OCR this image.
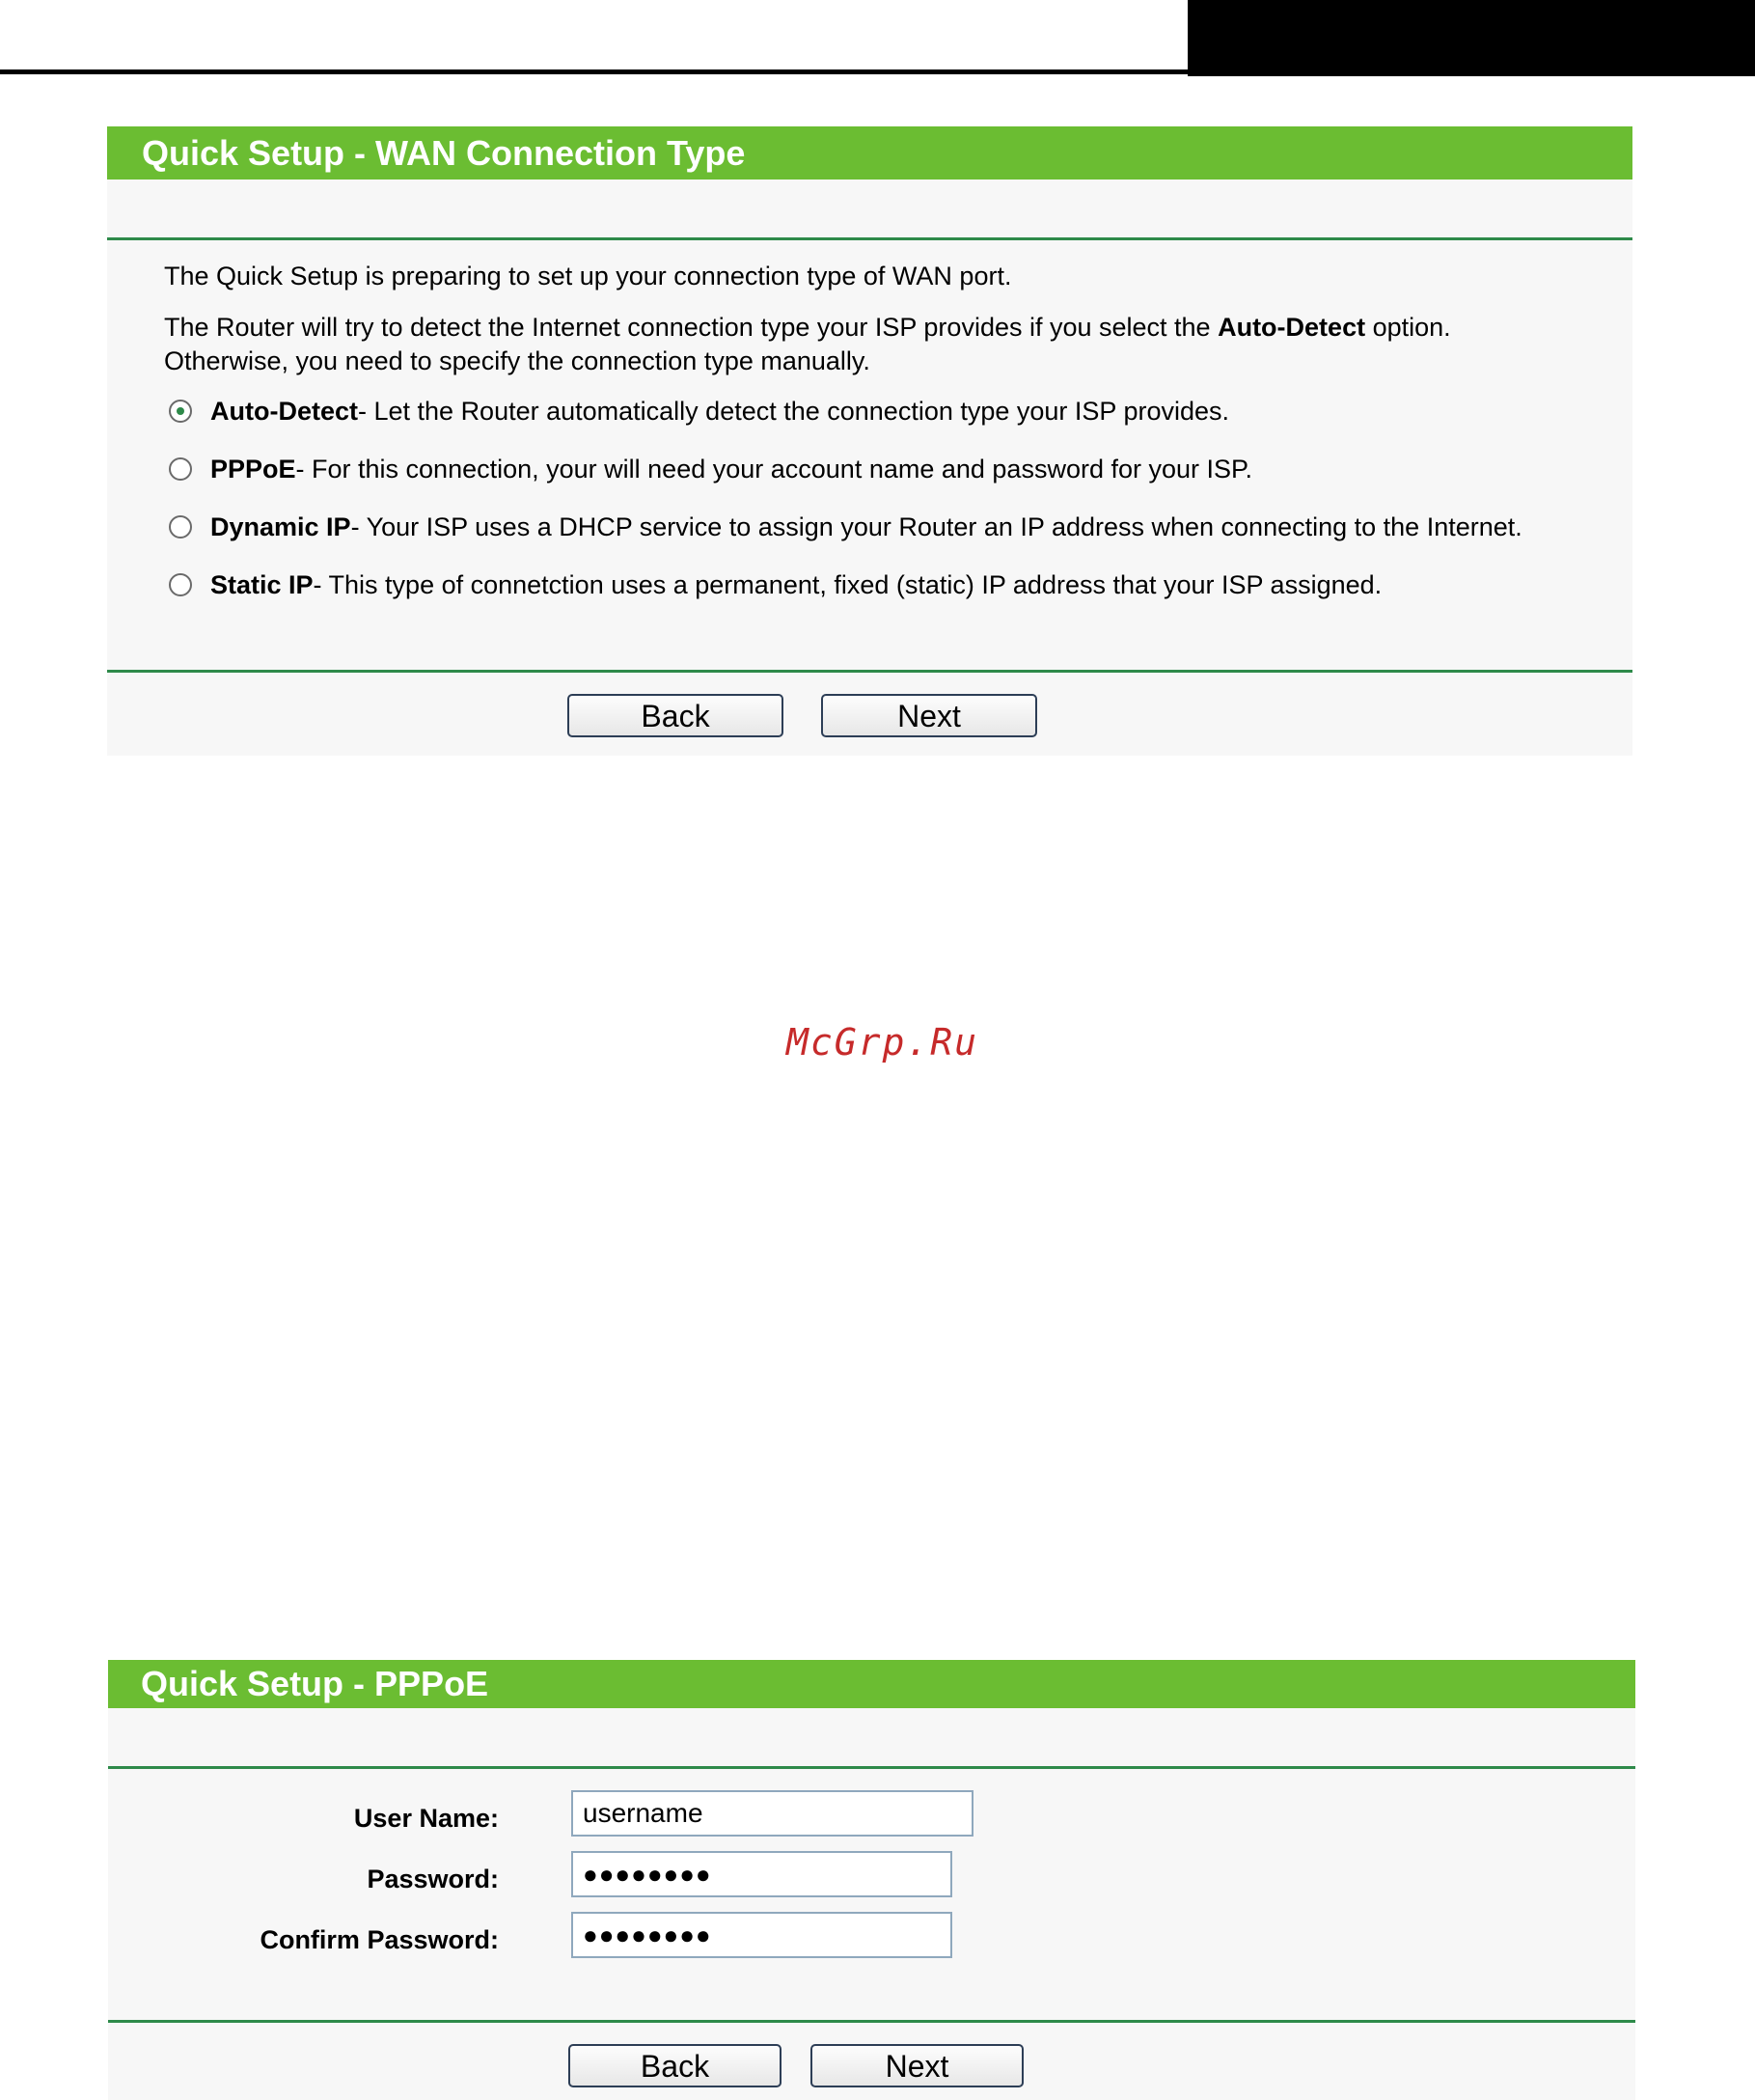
Quick Setup - WAN Connection Type
The Quick Setup is preparing to set up your connection type of WAN port.
The Router will try to detect the Internet connection type your ISP provides if you select the Auto-Detect option.
Otherwise, you need to specify the connection type manually.
Auto-Detect - Let the Router automatically detect the connection type your ISP provides.
PPPoE - For this connection, your will need your account name and password for your ISP.
Dynamic IP - Your ISP uses a DHCP service to assign your Router an IP address when connecting to the Internet.
Static IP - This type of connetction uses a permanent, fixed (static) IP address that your ISP assigned.
Back	Next
McGrp.Ru
Quick Setup - PPPoE
User Name:	username
Password:	●●●●●●●●
Confirm Password:	●●●●●●●●
Back	Next
